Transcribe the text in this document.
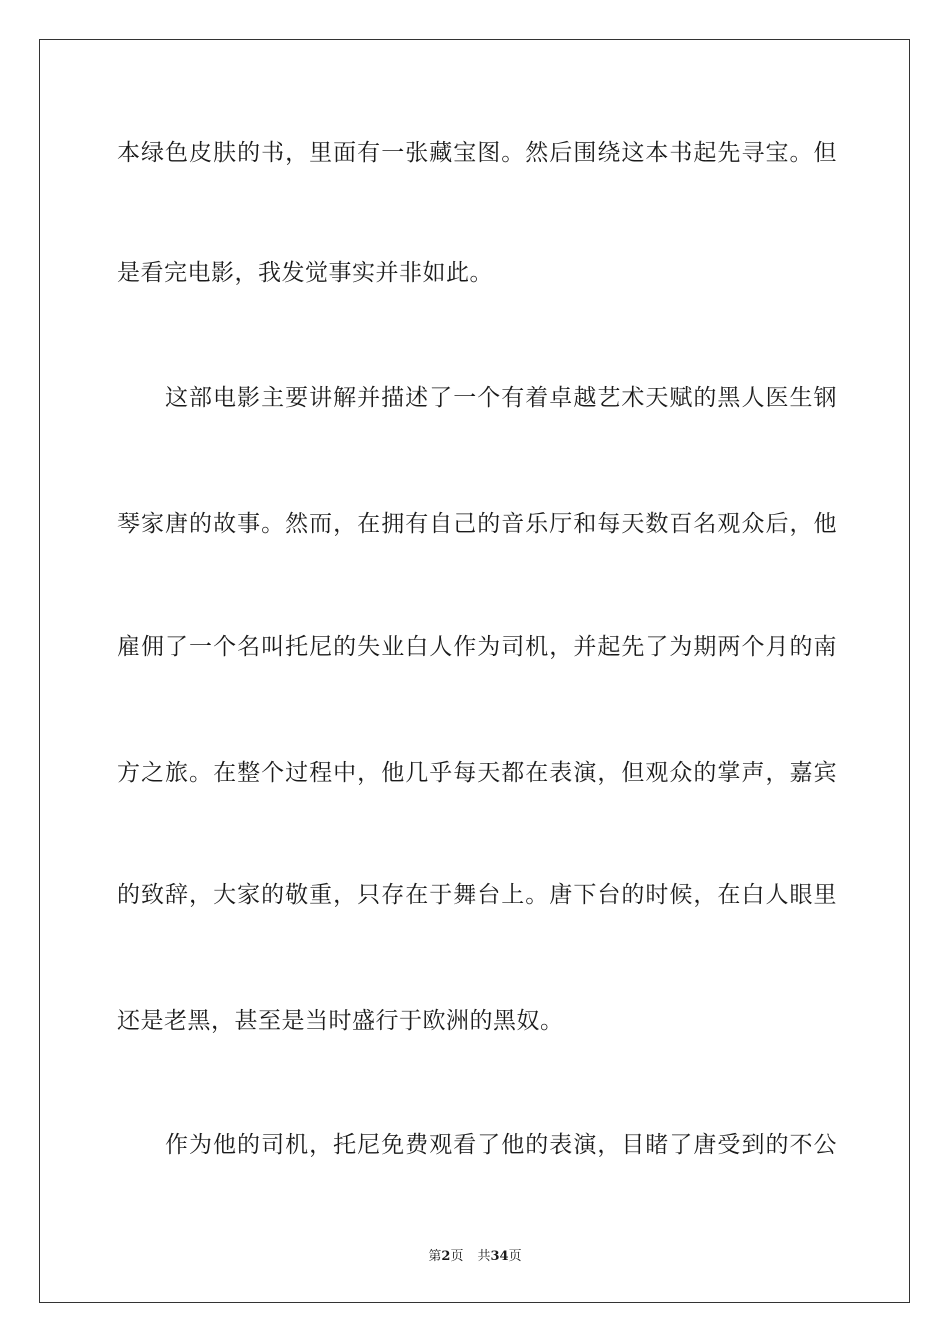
本绿色皮肤的书，里面有一张藏宝图。然后围绕这本书起先寻宝。但
是看完电影，我发觉事实并非如此。
这部电影主要讲解并描述了一个有着卓越艺术天赋的黑人医生钢
琴家唐的故事。然而，在拥有自己的音乐厅和每天数百名观众后，他
雇佣了一个名叫托尼的失业白人作为司机，并起先了为期两个月的南
方之旅。在整个过程中，他几乎每天都在表演，但观众的掌声，嘉宾
的致辞，大家的敬重，只存在于舞台上。唐下台的时候，在白人眼里
还是老黑，甚至是当时盛行于欧洲的黑奴。
作为他的司机，托尼免费观看了他的表演，目睹了唐受到的不公
第2页 共34页
